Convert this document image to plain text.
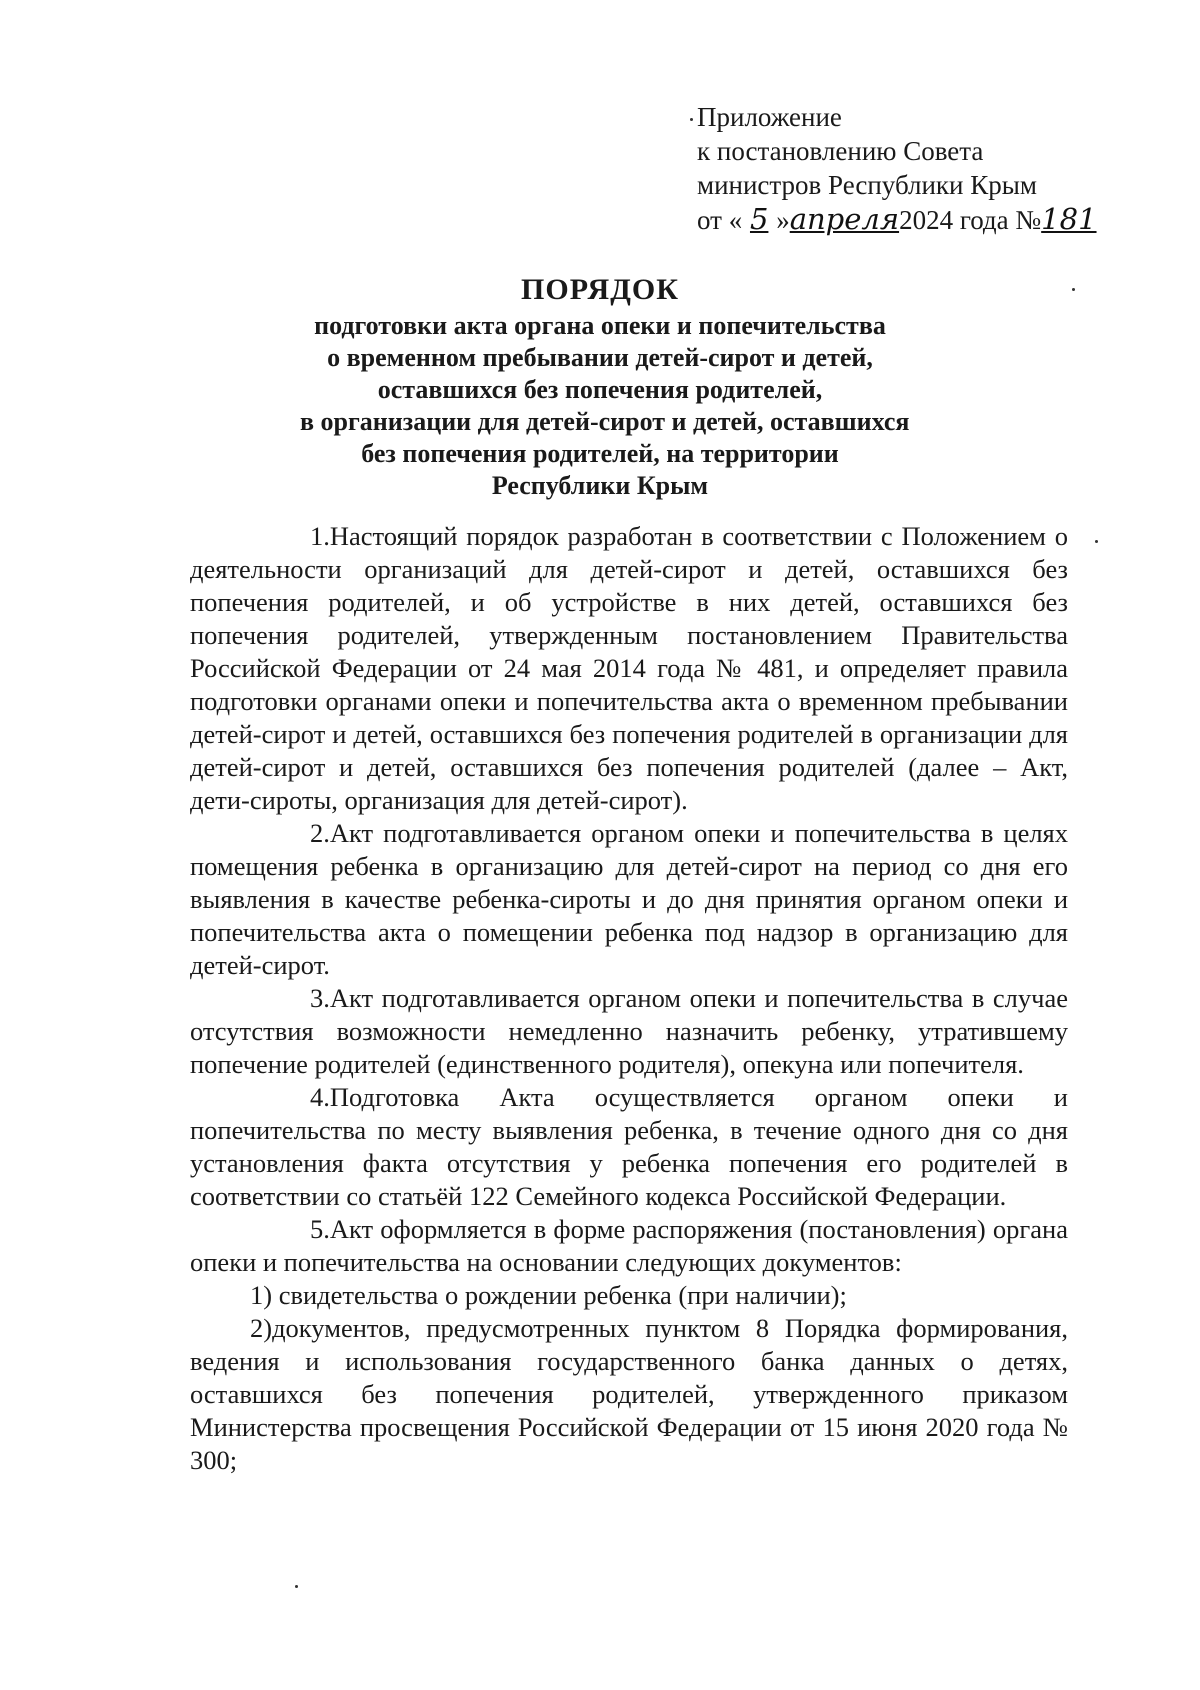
Приложение
к постановлению Совета
министров Республики Крым
от « 5 »апреля2024 года №181
ПОРЯДОК
подготовки акта органа опеки и попечительства
о временном пребывании детей-сирот и детей,
оставшихся без попечения родителей,
в организации для детей-сирот и детей, оставшихся
без попечения родителей, на территории
Республики Крым

1.Настоящий порядок разработан в соответствии с Положением о деятельности организаций для детей-сирот и детей, оставшихся без попечения родителей, и об устройстве в них детей, оставшихся без попечения родителей, утвержденным постановлением Правительства Российской Федерации от 24 мая 2014 года № 481, и определяет правила подготовки органами опеки и попечительства акта о временном пребывании детей-сирот и детей, оставшихся без попечения родителей в организации для детей-сирот и детей, оставшихся без попечения родителей (далее – Акт, дети-сироты, организация для детей-сирот).

2.Акт подготавливается органом опеки и попечительства в целях помещения ребенка в организацию для детей-сирот на период со дня его выявления в качестве ребенка-сироты и до дня принятия органом опеки и попечительства акта о помещении ребенка под надзор в организацию для детей-сирот.

3.Акт подготавливается органом опеки и попечительства в случае отсутствия возможности немедленно назначить ребенку, утратившему попечение родителей (единственного родителя), опекуна или попечителя.

4.Подготовка Акта осуществляется органом опеки и попечительства по месту выявления ребенка, в течение одного дня со дня установления факта отсутствия у ребенка попечения его родителей в соответствии со статьёй 122 Семейного кодекса Российской Федерации.

5.Акт оформляется в форме распоряжения (постановления) органа опеки и попечительства на основании следующих документов:

1) свидетельства о рождении ребенка (при наличии);

2)документов, предусмотренных пунктом 8 Порядка формирования, ведения и использования государственного банка данных о детях, оставшихся без попечения родителей, утвержденного приказом Министерства просвещения Российской Федерации от 15 июня 2020 года № 300;
